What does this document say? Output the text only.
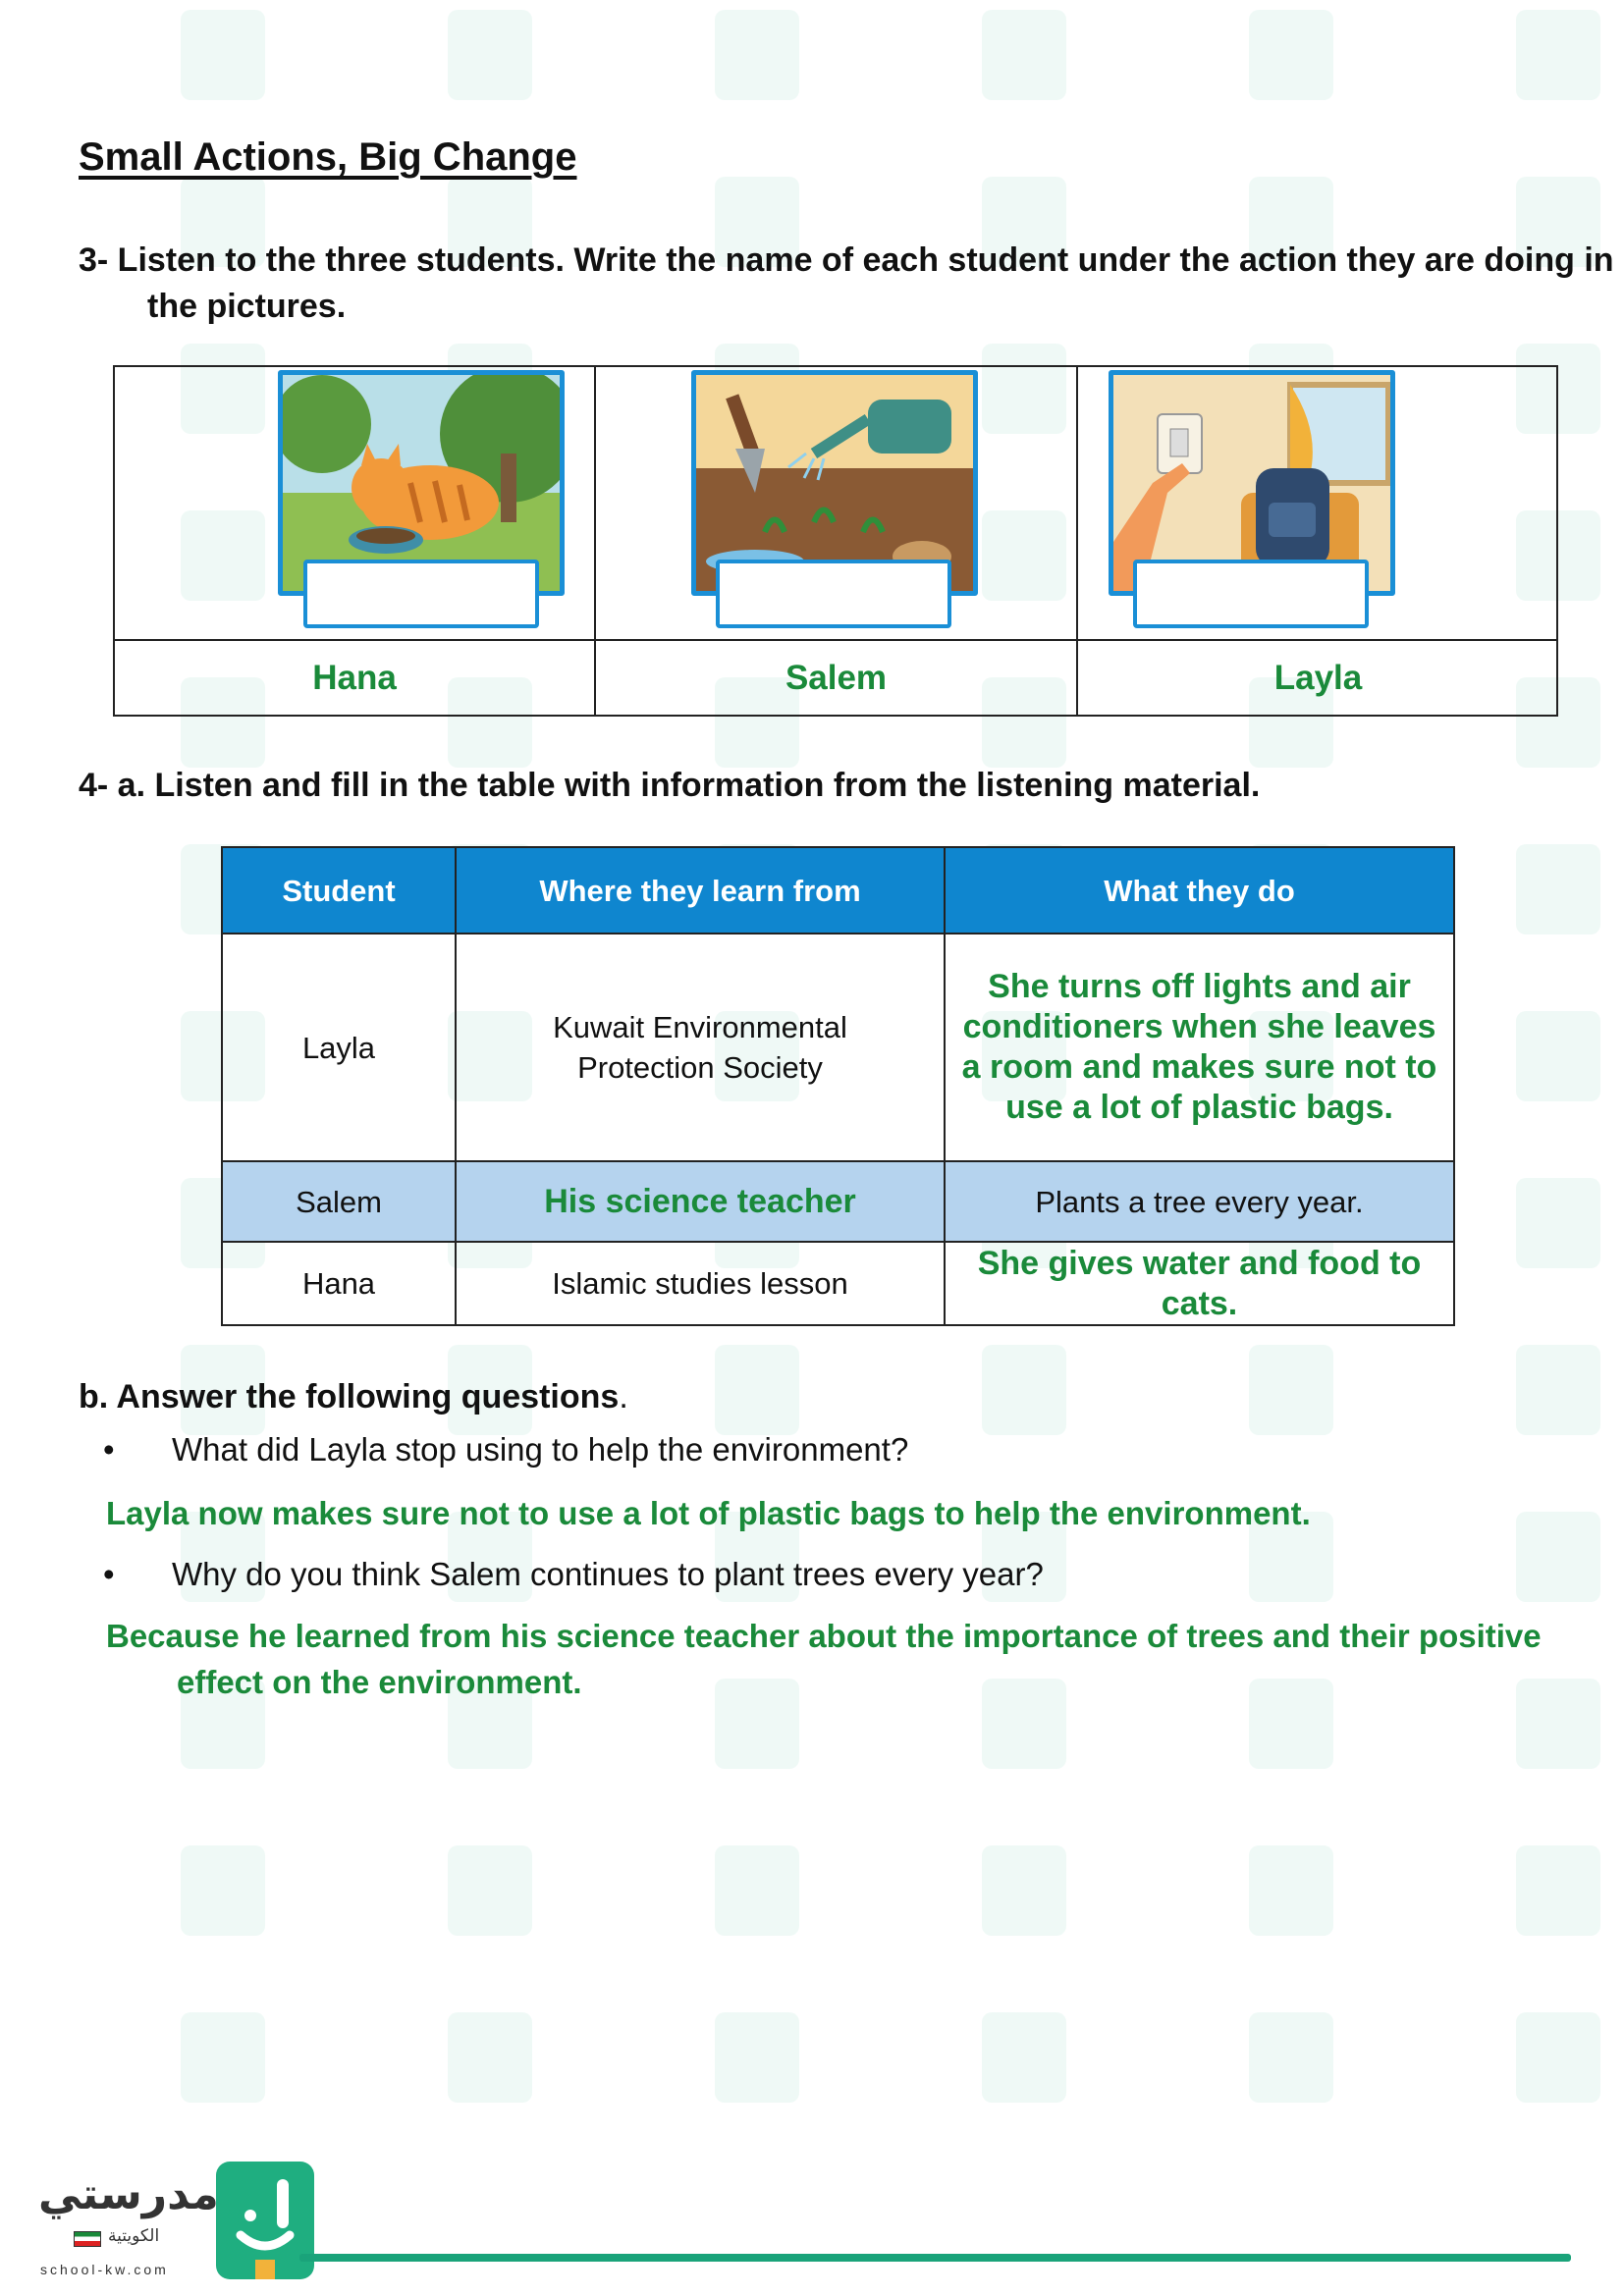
Small Actions, Big Change
3- Listen to the three students. Write the name of each student under the action they are doing in the pictures.
Hana	Salem	Layla
4- a. Listen and fill in the table with information from the listening material.
Student	Where they learn from	What they do
Layla	Kuwait Environmental Protection Society	She turns off lights and air conditioners when she leaves a room and makes sure not to use a lot of plastic bags.
Salem	His science teacher	Plants a tree every year.
Hana	Islamic studies lesson	She gives water and food to cats.
b. Answer the following questions.
• What did Layla stop using to help the environment?
Layla now makes sure not to use a lot of plastic bags to help the environment.
• Why do you think Salem continues to plant trees every year?
Because he learned from his science teacher about the importance of trees and their positive effect on the environment.
مدرستي
الكويتية
school-kw.com
